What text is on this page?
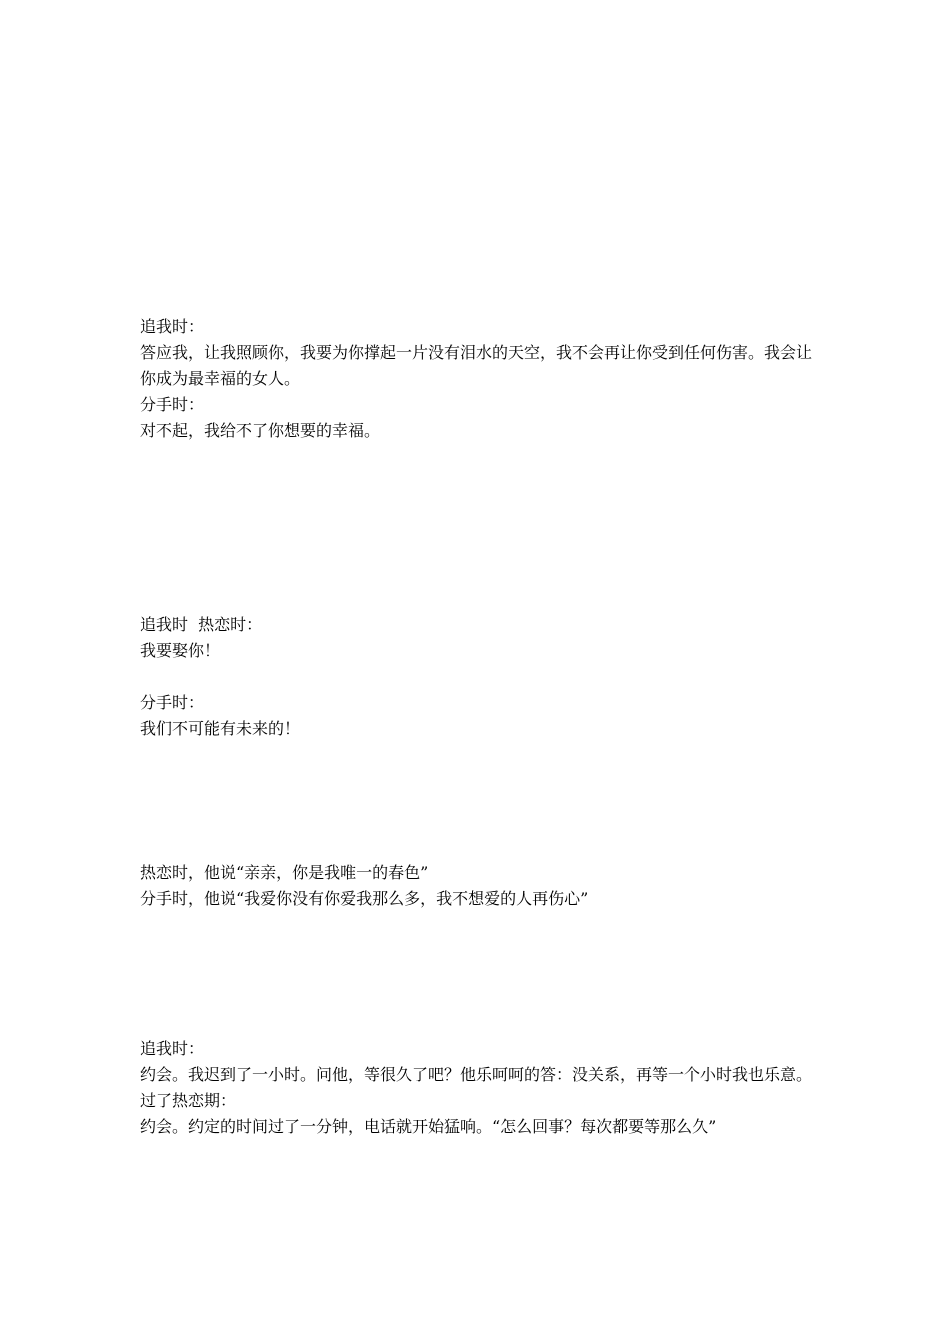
追我时：
答应我，让我照顾你，我要为你撑起一片没有泪水的天空，我不会再让你受到任何伤害。我会让你成为最幸福的女人。
分手时：
对不起，我给不了你想要的幸福。
追我时  热恋时：
我要娶你！
分手时：
我们不可能有未来的！
热恋时，他说“亲亲，你是我唯一的春色”
分手时，他说“我爱你没有你爱我那么多，我不想爱的人再伤心”
追我时：
约会。我迟到了一小时。问他，等很久了吧？他乐呵呵的答：没关系，再等一个小时我也乐意。
过了热恋期：
约会。约定的时间过了一分钟，电话就开始猛响。“怎么回事？每次都要等那么久”
